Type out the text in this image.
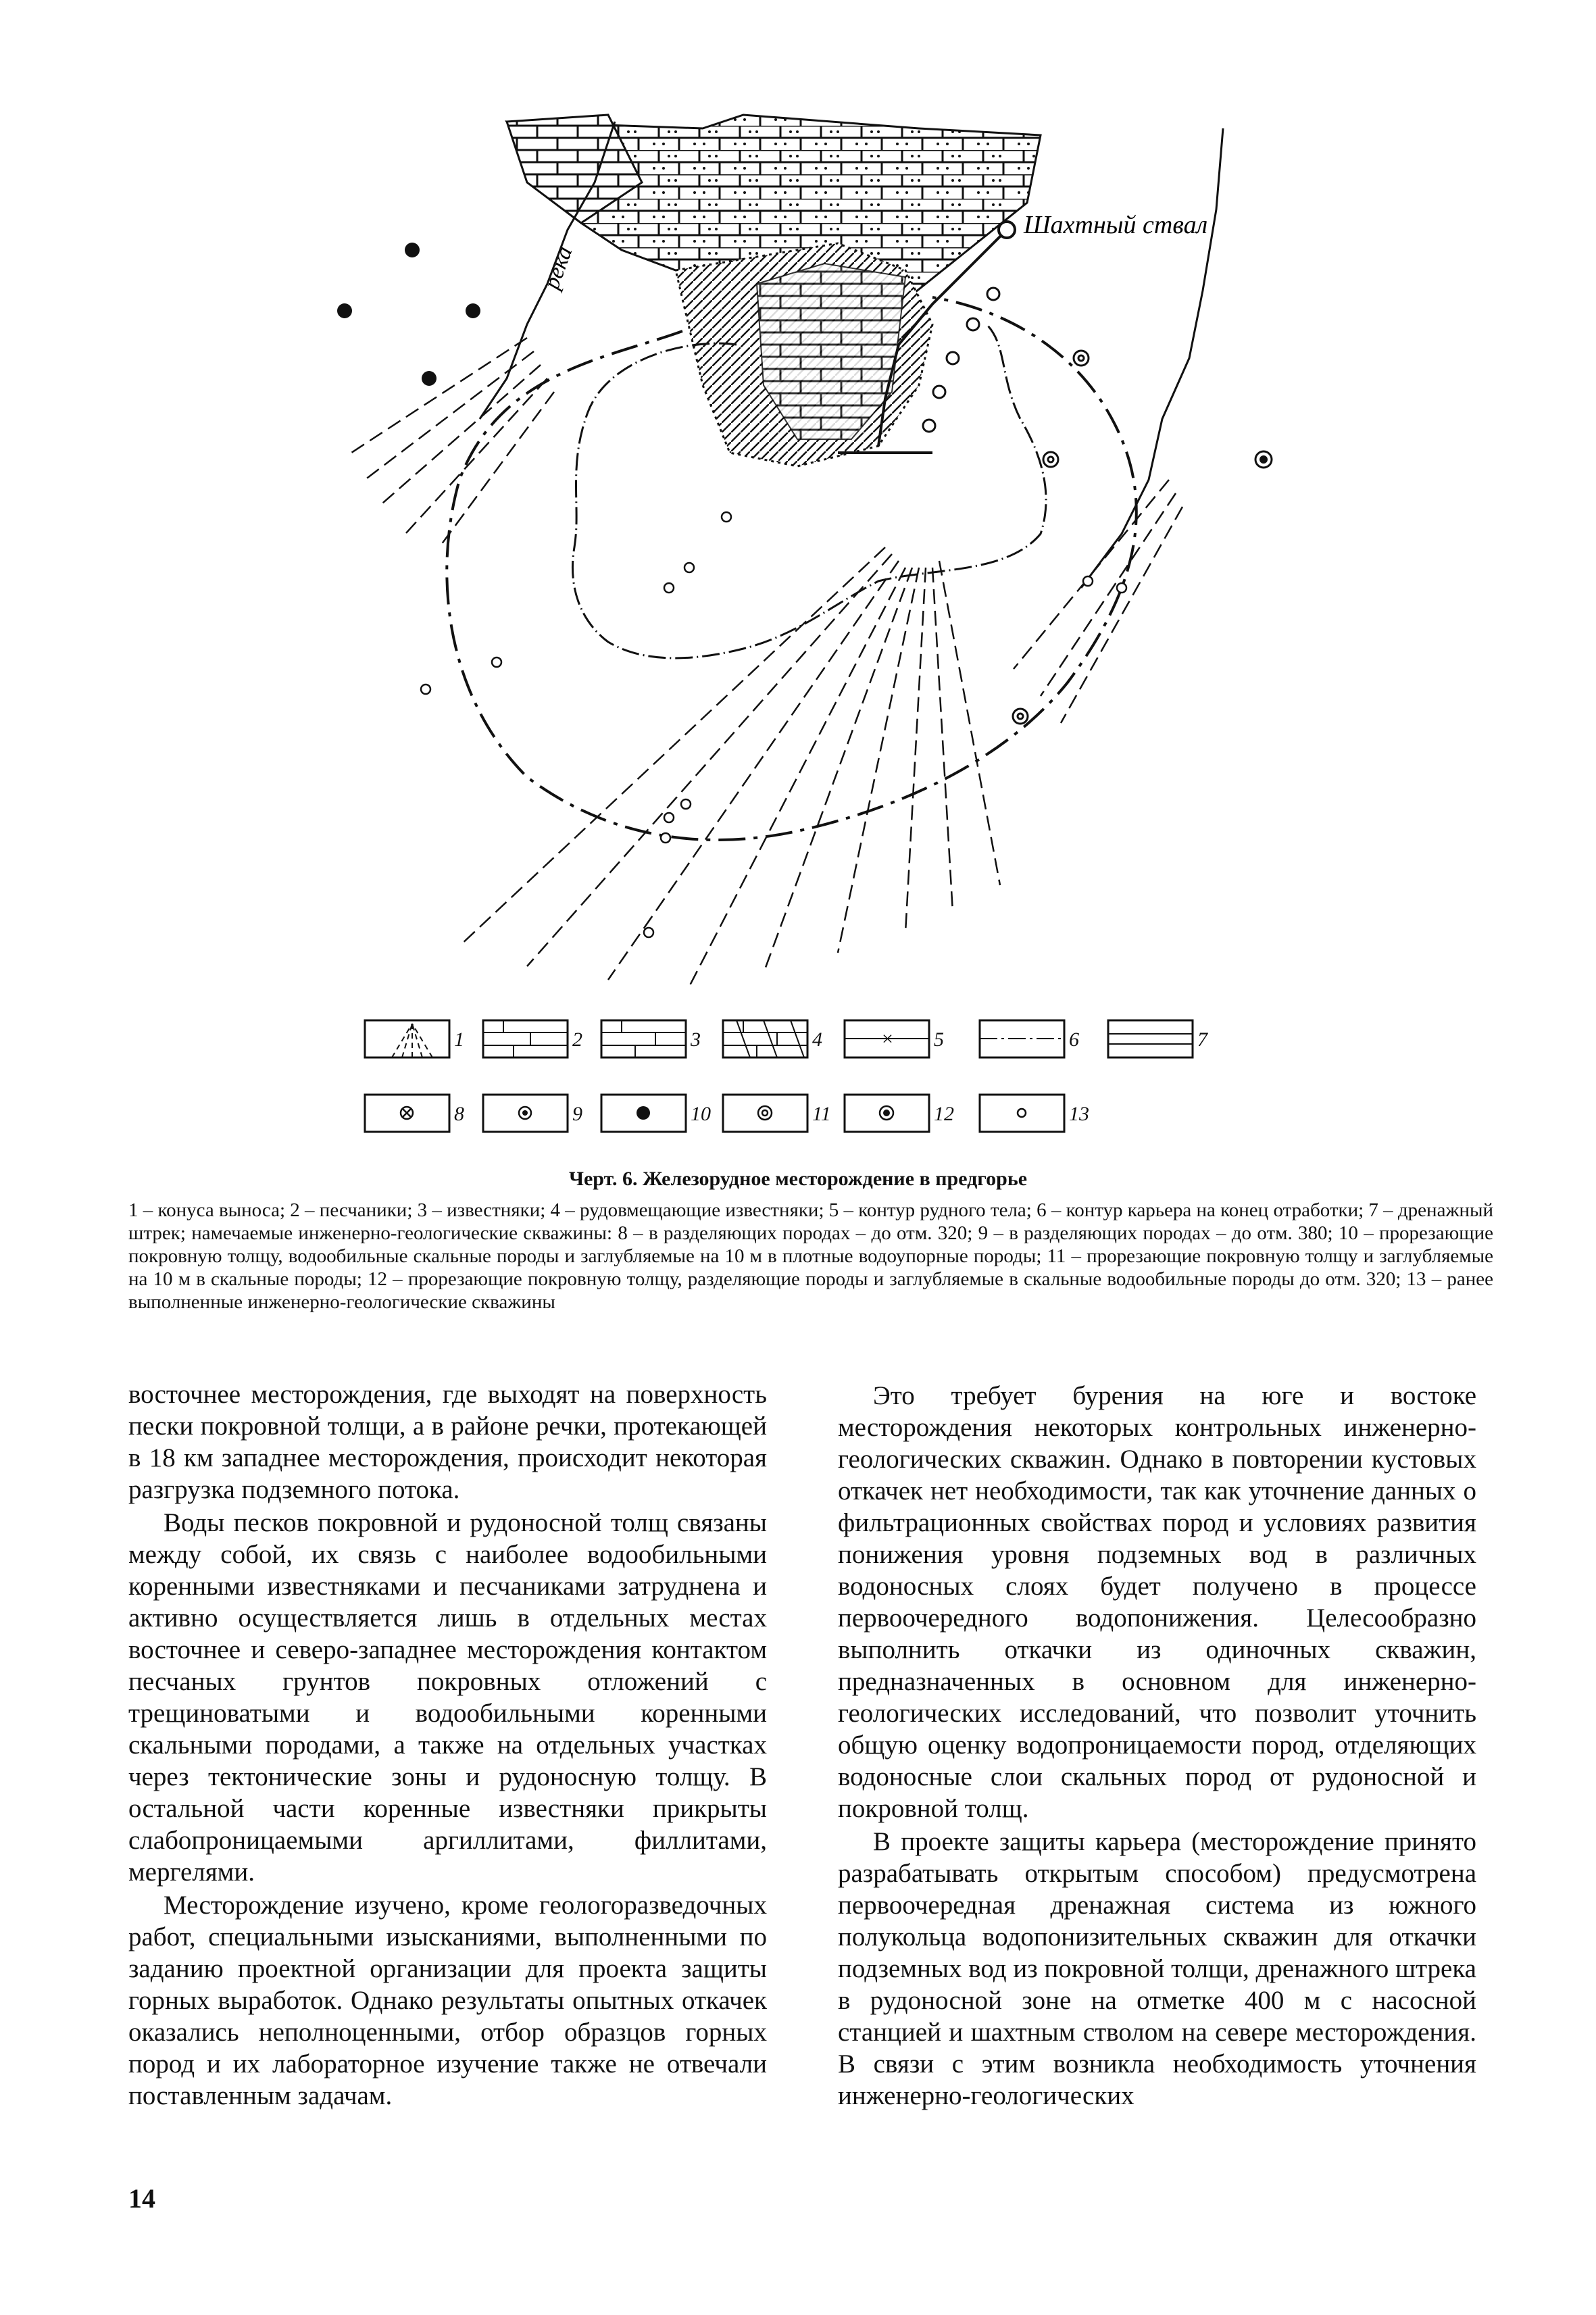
Шахтный ствал
река
×
1	2	3	4	5	6	7
8	9	10	11	12	13
Черт. 6. Железорудное месторождение в предгорье
1 – конуса выноса; 2 – песчаники; 3 – известняки; 4 – рудовмещающие известняки; 5 – контур рудного тела; 6 – контур карьера на конец отработки; 7 – дренажный штрек; намечаемые инженерно-геологические скважины: 8 – в разделяющих породах – до отм. 320; 9 – в разделяющих породах – до отм. 380; 10 – прорезающие покровную толщу, водообильные скальные породы и заглубляемые на 10 м в плотные водоупорные породы; 11 – прорезающие покровную толщу и заглубляемые на 10 м в скальные породы; 12 – прорезающие покровную толщу, разделяющие породы и заглубляемые в скальные водообильные породы до отм. 320; 13 – ранее выполненные инженерно-геологические скважины

восточнее месторождения, где выходят на поверхность пески покровной толщи, а в районе речки, протекающей в 18 км западнее месторождения, происходит некоторая разгрузка подземного потока.

Воды песков покровной и рудоносной толщ связаны между собой, их связь с наиболее водообильными коренными известняками и песчаниками затруднена и активно осуществляется лишь в отдельных местах восточнее и северо-западнее месторождения контактом песчаных грунтов покровных отложений с трещиноватыми и водообильными коренными скальными породами, а также на отдельных участках через тектонические зоны и рудоносную толщу. В остальной части коренные известняки прикрыты слабопроницаемыми аргиллитами, филлитами, мергелями.

Месторождение изучено, кроме геологоразведочных работ, специальными изысканиями, выполненными по заданию проектной организации для проекта защиты горных выработок. Однако результаты опытных откачек оказались неполноценными, отбор образцов горных пород и их лабораторное изучение также не отвечали поставленным задачам.

Это требует бурения на юге и востоке месторождения некоторых контрольных инженерно-геологических скважин. Однако в повторении кустовых откачек нет необходимости, так как уточнение данных о фильтрационных свойствах пород и условиях развития понижения уровня подземных вод в различных водоносных слоях будет получено в процессе первоочередного водопонижения. Целесообразно выполнить откачки из одиночных скважин, предназначенных в основном для инженерно-геологических исследований, что позволит уточнить общую оценку водопроницаемости пород, отделяющих водоносные слои скальных пород от рудоносной и покровной толщ.

В проекте защиты карьера (месторождение принято разрабатывать открытым способом) предусмотрена первоочередная дренажная система из южного полукольца водопонизительных скважин для откачки подземных вод из покровной толщи, дренажного штрека в рудоносной зоне на отметке 400 м с насосной станцией и шахтным стволом на севере месторождения. В связи с этим возникла необходимость уточнения инженерно-геологических

14
